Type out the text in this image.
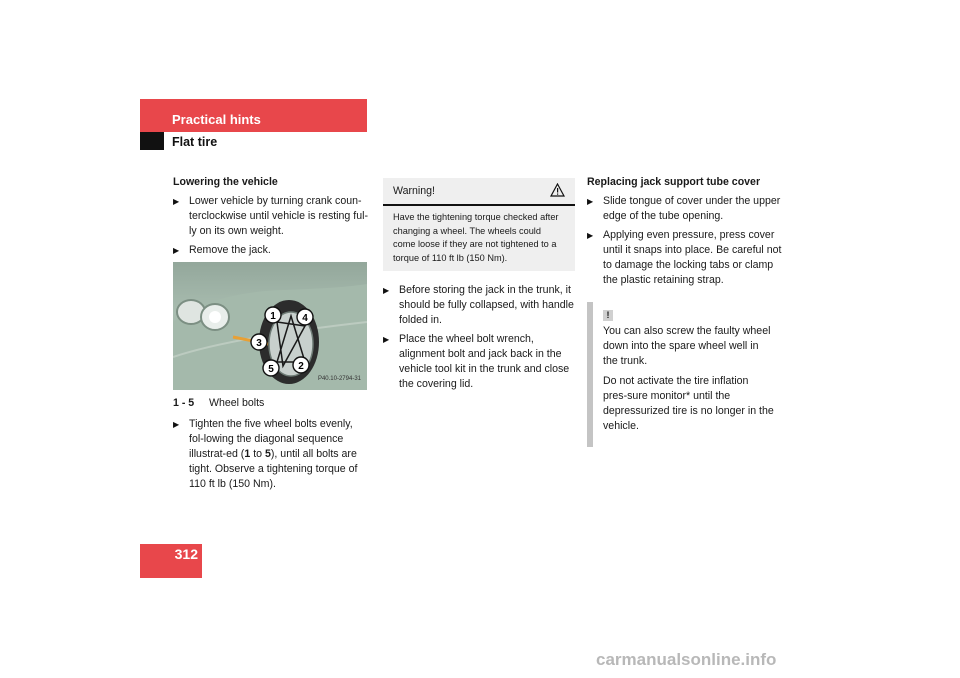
Practical hints
Flat tire
312
Lowering the vehicle
▶ Lower vehicle by turning crank coun-terclockwise until vehicle is resting ful-ly on its own weight.
▶ Remove the jack.
1	4
3
2
5
P40.10-2794-31
1 - 5	Wheel bolts
▶ Tighten the five wheel bolts evenly, fol-lowing the diagonal sequence illustrat-ed (1 to 5), until all bolts are tight. Observe a tightening torque of 110 ft lb (150 Nm).
Warning!
Have the tightening torque checked after changing a wheel. The wheels could come loose if they are not tightened to a torque of 110 ft lb (150 Nm).
▶ Before storing the jack in the trunk, it should be fully collapsed, with handle folded in.
▶ Place the wheel bolt wrench, alignment bolt and jack back in the vehicle tool kit in the trunk and close the covering lid.
Replacing jack support tube cover
▶ Slide tongue of cover under the upper edge of the tube opening.
▶ Applying even pressure, press cover until it snaps into place. Be careful not to damage the locking tabs or clamp the plastic retaining strap.
!

You can also screw the faulty wheel down into the spare wheel well in the trunk.

Do not activate the tire inflation pres-sure monitor* until the depressurized tire is no longer in the vehicle.

carmanualsonline.info
